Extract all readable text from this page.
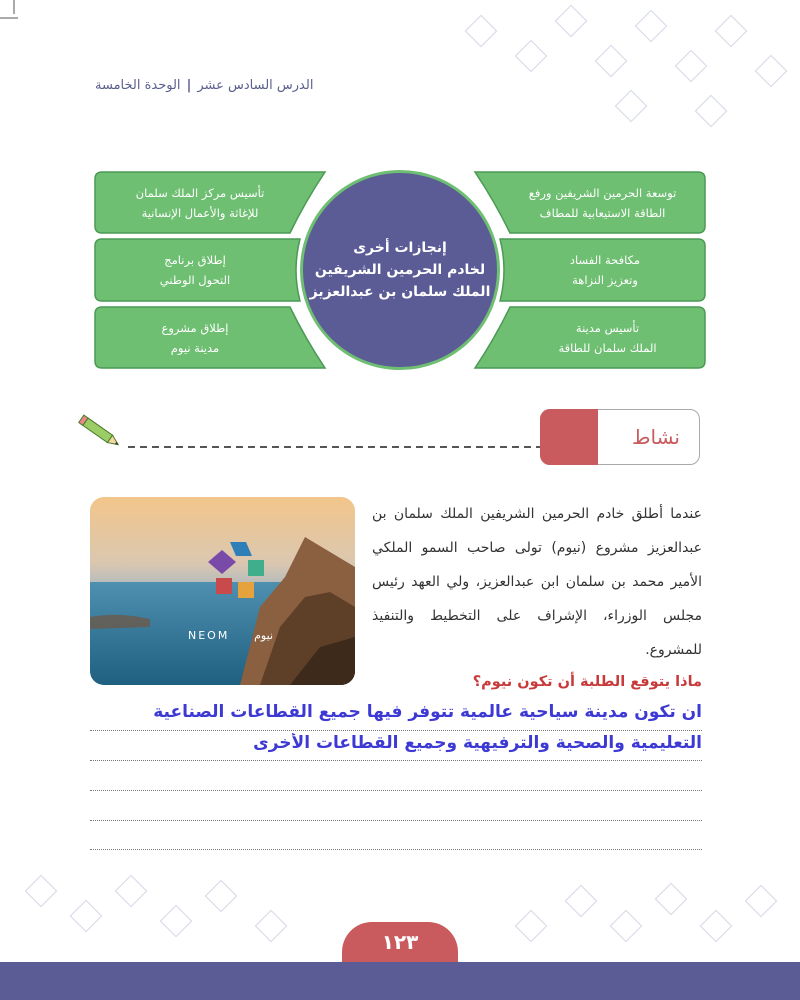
الدرس السادس عشر
|
الوحدة الخامسة
تأسيس مركز الملك سلمان
للإغاثة والأعمال الإنسانية
إطلاق برنامج
التحول الوطني
إطلاق مشروع
مدينة نيوم
توسعة الحرمين الشريفين ورفع
الطاقة الاستيعابية للمطاف
مكافحة الفساد
وتعزيز النزاهة
تأسيس مدينة
الملك سلمان للطاقة
إنجازات أخرى
لخادم الحرمين الشريفين
الملك سلمان بن عبدالعزيز
نشاط
NEOM نيوم
عندما أطلق خادم الحرمين الشريفين الملك سلمان بن عبدالعزيز مشروع (نيوم) تولى صاحب السمو الملكي الأمير محمد بن سلمان ابن عبدالعزيز، ولي العهد رئيس مجلس الوزراء، الإشراف على التخطيط والتنفيذ للمشروع.
ماذا يتوقع الطلبة أن تكون نيوم؟
ان تكون مدينة سياحية عالمية تتوفر فيها جميع القطاعات الصناعية
التعليمية والصحية والترفيهية وجميع القطاعات الأخرى
١٢٣
